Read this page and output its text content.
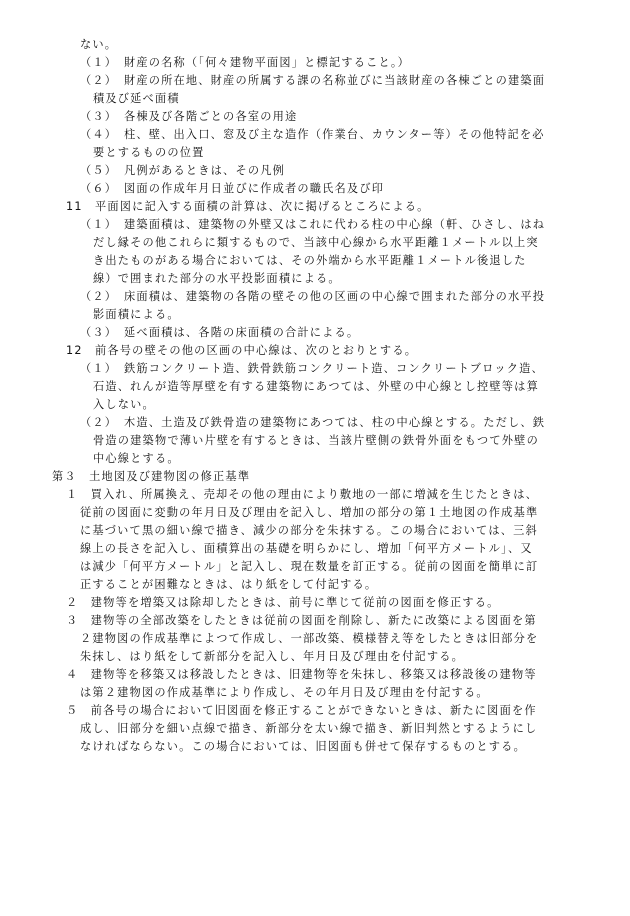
ない。
（１）　財産の名称（「何々建物平面図」と標記すること。）
（２）　財産の所在地、財産の所属する課の名称並びに当該財産の各棟ごとの建築面
積及び延べ面積
（３）　各棟及び各階ごとの各室の用途
（４）　柱、壁、出入口、窓及び主な造作（作業台、カウンター等）その他特記を必
要とするものの位置
（５）　凡例があるときは、その凡例
（６）　図面の作成年月日並びに作成者の職氏名及び印
11　平面図に記入する面積の計算は、次に掲げるところによる。
（１）　建築面積は、建築物の外壁又はこれに代わる柱の中心線（軒、ひさし、はね
だし縁その他これらに類するもので、当該中心線から水平距離１メートル以上突
き出たものがある場合においては、その外端から水平距離１メートル後退した
線）で囲まれた部分の水平投影面積による。
（２）　床面積は、建築物の各階の壁その他の区画の中心線で囲まれた部分の水平投
影面積による。
（３）　延べ面積は、各階の床面積の合計による。
12　前各号の壁その他の区画の中心線は、次のとおりとする。
（１）　鉄筋コンクリート造、鉄骨鉄筋コンクリート造、コンクリートブロック造、
石造、れんが造等厚壁を有する建築物にあつては、外壁の中心線とし控壁等は算
入しない。
（２）　木造、土造及び鉄骨造の建築物にあつては、柱の中心線とする。ただし、鉄
骨造の建築物で薄い片壁を有するときは、当該片壁側の鉄骨外面をもつて外壁の
中心線とする。
第３　土地図及び建物図の修正基準
１　買入れ、所属換え、売却その他の理由により敷地の一部に増減を生じたときは、
従前の図面に変動の年月日及び理由を記入し、増加の部分の第１土地図の作成基準
に基づいて黒の細い線で描き、減少の部分を朱抹する。この場合においては、三斜
線上の長さを記入し、面積算出の基礎を明らかにし、増加「何平方メートル」、又
は減少「何平方メートル」と記入し、現在数量を訂正する。従前の図面を簡単に訂
正することが困難なときは、はり紙をして付記する。
２　建物等を増築又は除却したときは、前号に準じて従前の図面を修正する。
３　建物等の全部改築をしたときは従前の図面を削除し、新たに改築による図面を第
２建物図の作成基準によつて作成し、一部改築、模様替え等をしたときは旧部分を
朱抹し、はり紙をして新部分を記入し、年月日及び理由を付記する。
４　建物等を移築又は移設したときは、旧建物等を朱抹し、移築又は移設後の建物等
は第２建物図の作成基準により作成し、その年月日及び理由を付記する。
５　前各号の場合において旧図面を修正することができないときは、新たに図面を作
成し、旧部分を細い点線で描き、新部分を太い線で描き、新旧判然とするようにし
なければならない。この場合においては、旧図面も併せて保存するものとする。
